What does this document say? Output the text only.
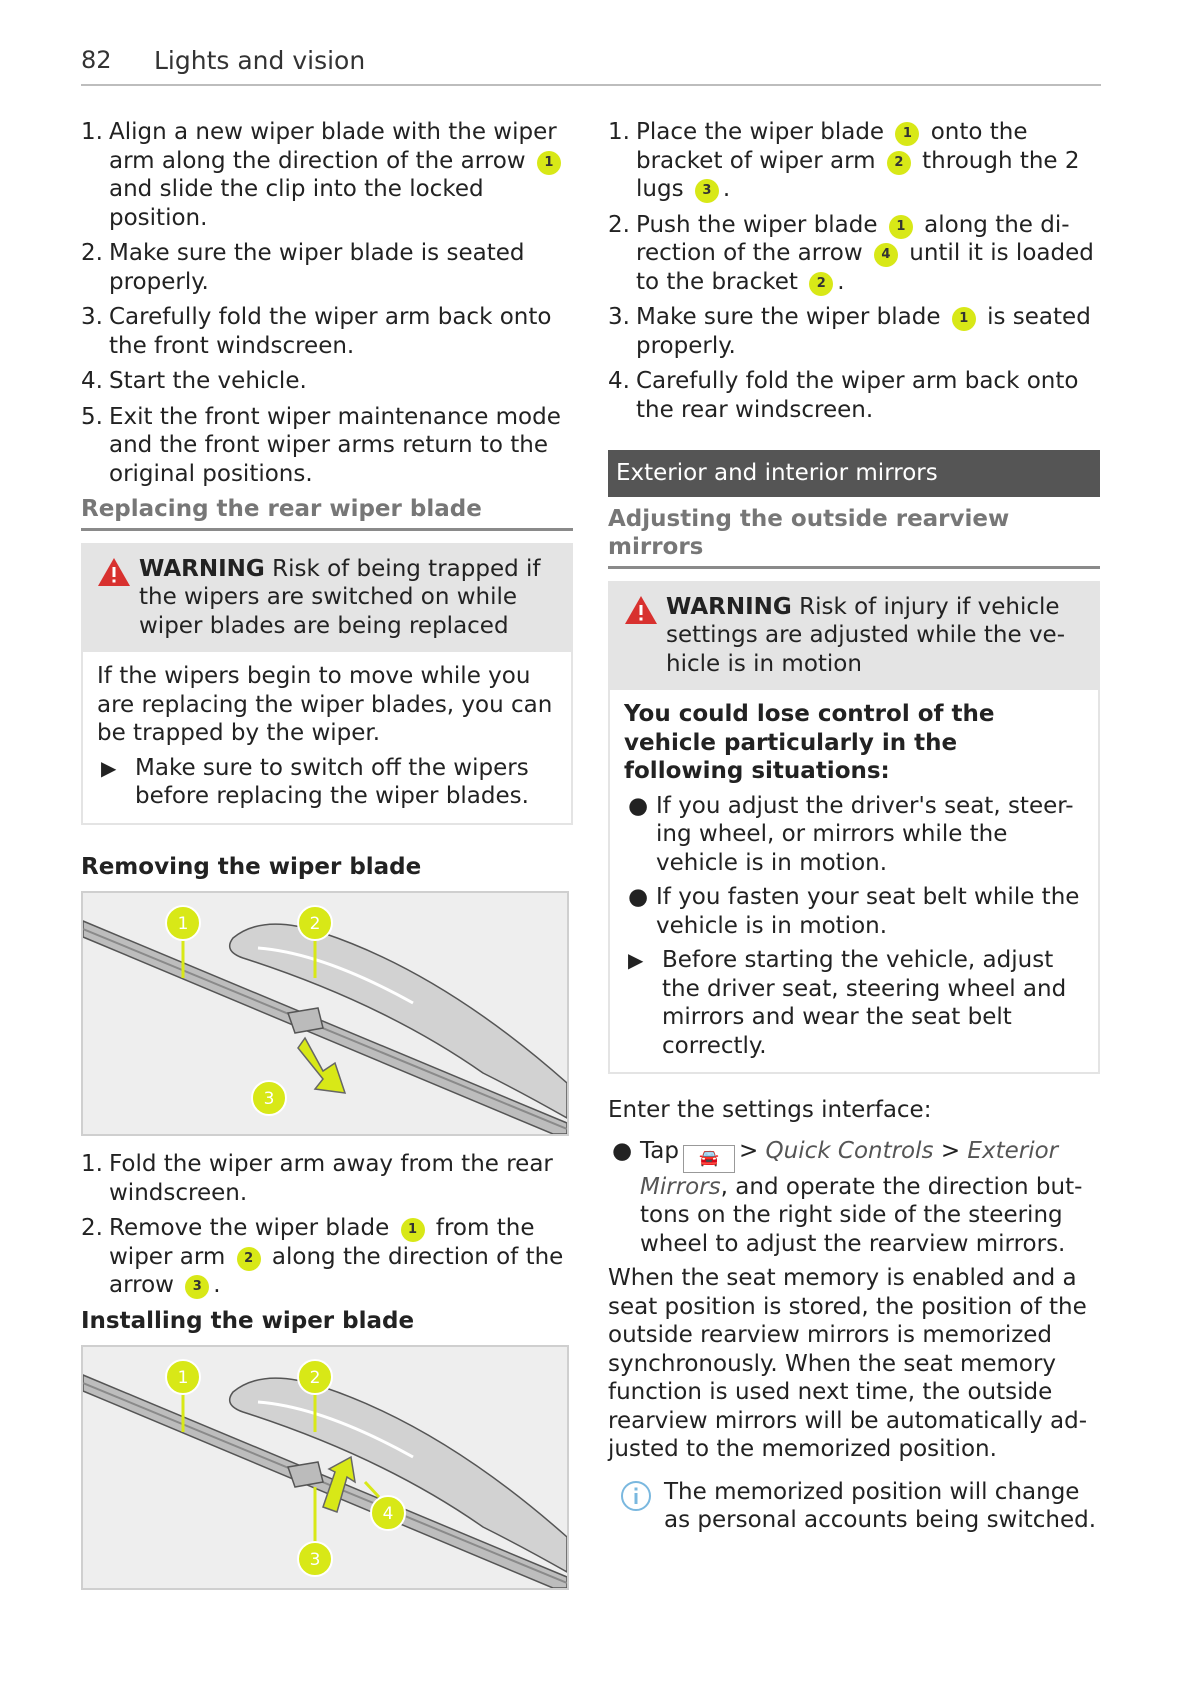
82 Lights and vision
1. Align a new wiper blade with the wiper arm along the direction of the arrow 1 and slide the clip into the locked position.
2. Make sure the wiper blade is seated properly.
3. Carefully fold the wiper arm back onto the front windscreen.
4. Start the vehicle.
5. Exit the front wiper maintenance mode and the front wiper arms return to the original positions.
Replacing the rear wiper blade
WARNING Risk of being trapped if the wipers are switched on while wiper blades are being replaced
If the wipers begin to move while you are replacing the wiper blades, you can be trapped by the wiper.
▶ Make sure to switch off the wipers before replacing the wiper blades.
Removing the wiper blade
1	2
3
1. Fold the wiper arm away from the rear windscreen.
2. Remove the wiper blade 1 from the wiper arm 2 along the direction of the arrow 3 .
Installing the wiper blade
1	2
3
4
1. Place the wiper blade 1 onto the bracket of wiper arm 2 through the 2 lugs 3 .
2. Push the wiper blade 1 along the di-rection of the arrow 4 until it is loaded to the bracket 2 .
3. Make sure the wiper blade 1 is seated properly.
4. Carefully fold the wiper arm back onto the rear windscreen.
Exterior and interior mirrors
Adjusting the outside rearview mirrors
WARNING Risk of injury if vehicle settings are adjusted while the ve-hicle is in motion
You could lose control of the vehicle particularly in the following situations:
● If you adjust the driver's seat, steer-ing wheel, or mirrors while the vehicle is in motion.
● If you fasten your seat belt while the vehicle is in motion.
▶ Before starting the vehicle, adjust the driver seat, steering wheel and mirrors and wear the seat belt correctly.
Enter the settings interface:
● Tap 🚘 > Quick Controls > Exterior Mirrors, and operate the direction but-tons on the right side of the steering wheel to adjust the rearview mirrors.
When the seat memory is enabled and a seat position is stored, the position of the outside rearview mirrors is memorized synchronously. When the seat memory function is used next time, the outside rearview mirrors will be automatically ad-justed to the memorized position.
The memorized position will change as personal accounts being switched.
